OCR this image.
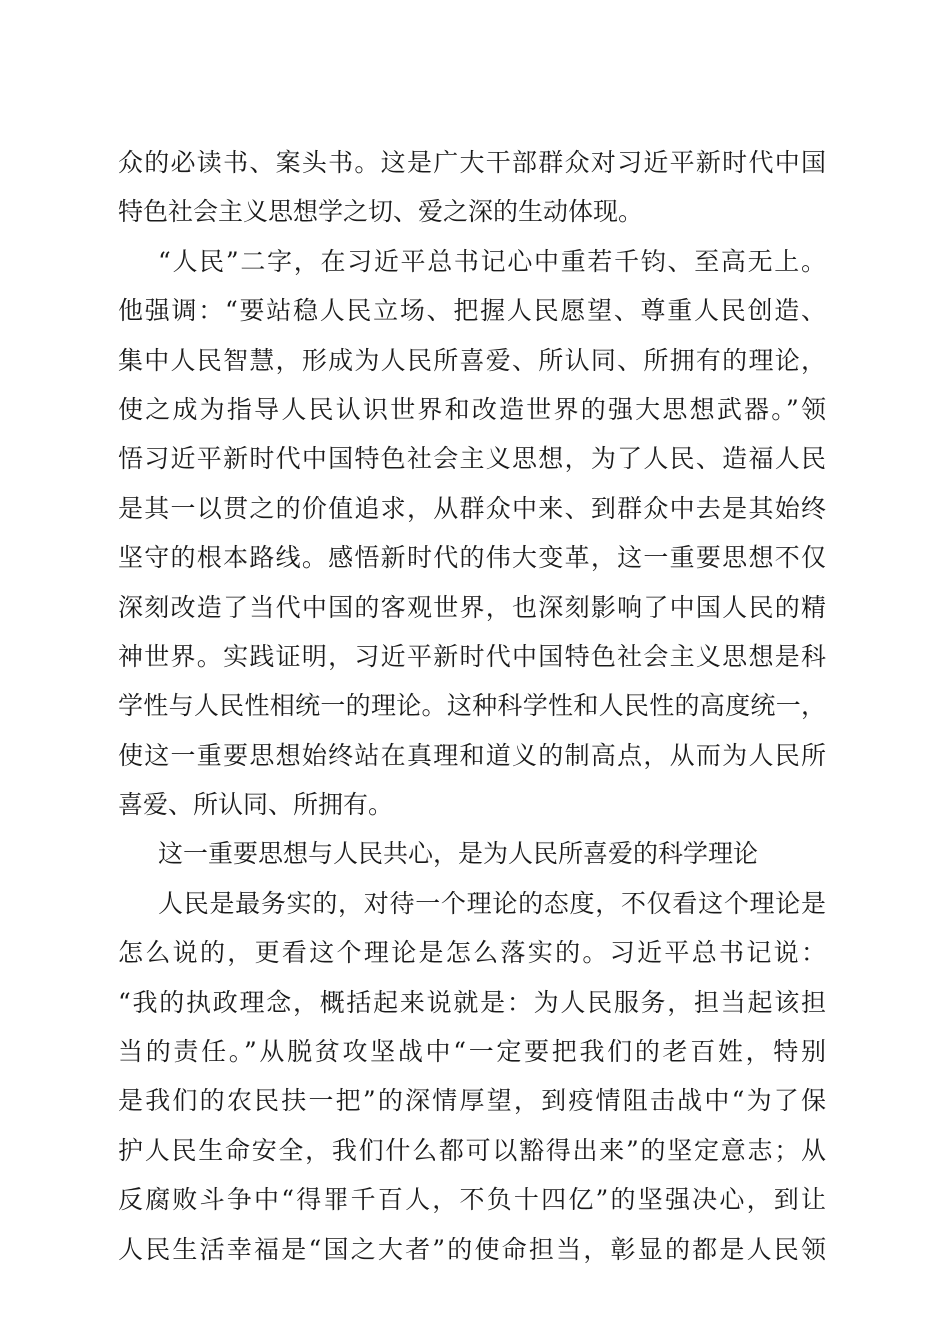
众的必读书、案头书。这是广大干部群众对习近平新时代中国
特色社会主义思想学之切、爱之深的生动体现。
“人民”二字，在习近平总书记心中重若千钧、至高无上。
他强调：“要站稳人民立场、把握人民愿望、尊重人民创造、
集中人民智慧，形成为人民所喜爱、所认同、所拥有的理论，
使之成为指导人民认识世界和改造世界的强大思想武器。”领
悟习近平新时代中国特色社会主义思想，为了人民、造福人民
是其一以贯之的价值追求，从群众中来、到群众中去是其始终
坚守的根本路线。感悟新时代的伟大变革，这一重要思想不仅
深刻改造了当代中国的客观世界，也深刻影响了中国人民的精
神世界。实践证明，习近平新时代中国特色社会主义思想是科
学性与人民性相统一的理论。这种科学性和人民性的高度统一，
使这一重要思想始终站在真理和道义的制高点，从而为人民所
喜爱、所认同、所拥有。
这一重要思想与人民共心，是为人民所喜爱的科学理论
人民是最务实的，对待一个理论的态度，不仅看这个理论是
怎么说的，更看这个理论是怎么落实的。习近平总书记说：
“我的执政理念，概括起来说就是：为人民服务，担当起该担
当的责任。”从脱贫攻坚战中“一定要把我们的老百姓，特别
是我们的农民扶一把”的深情厚望，到疫情阻击战中“为了保
护人民生命安全，我们什么都可以豁得出来”的坚定意志；从
反腐败斗争中“得罪千百人，不负十四亿”的坚强决心，到让
人民生活幸福是“国之大者”的使命担当，彰显的都是人民领
